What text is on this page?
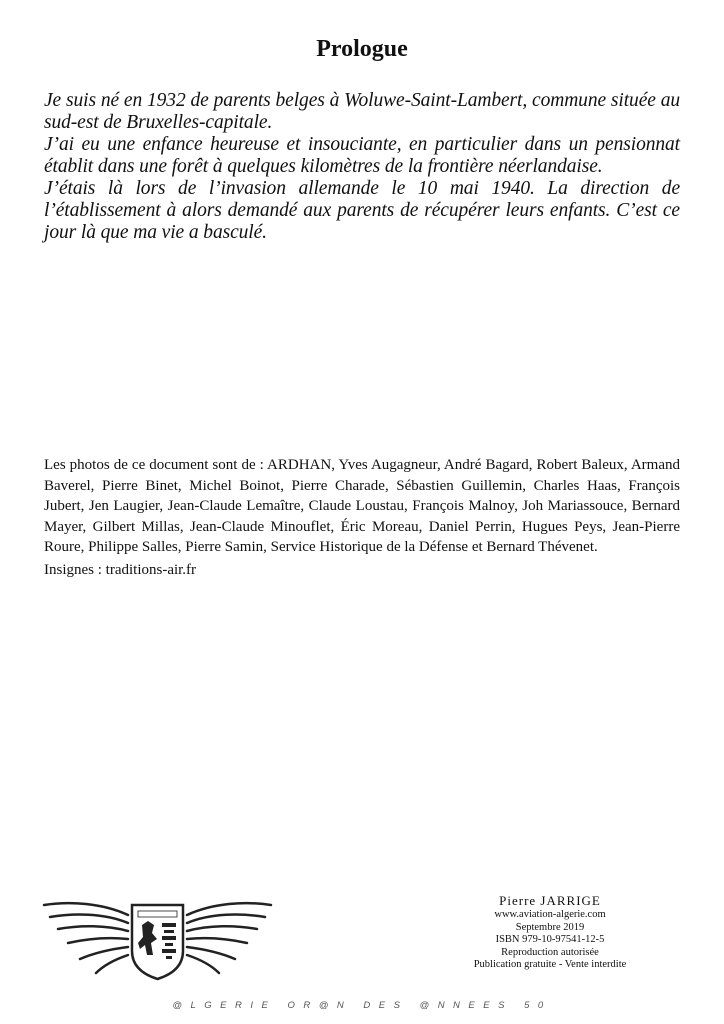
Prologue

Je suis né en 1932 de parents belges à Woluwe-Saint-Lambert, commune située au sud-est de Bruxelles-capitale.

J’ai eu une enfance heureuse et insouciante, en particulier dans un pensionnat établit dans une forêt à quelques kilomètres de la frontière néerlandaise.

J’étais là lors de l’invasion allemande le 10 mai 1940. La direction de l’établissement à alors demandé aux parents de récupérer leurs enfants. C’est ce jour là que ma vie a basculé.

Les photos de ce document sont de : ARDHAN, Yves Augagneur, André Bagard, Robert Baleux, Armand Baverel, Pierre Binet, Michel Boinot, Pierre Charade, Sébastien Guillemin, Charles Haas, François Jubert, Jen Laugier, Jean-Claude Lemaître, Claude Loustau, François Malnoy, Joh Mariassouce, Bernard Mayer, Gilbert Millas, Jean-Claude Minouflet, Éric Moreau, Daniel Perrin, Hugues Peys, Jean-Pierre Roure, Philippe Salles, Pierre Samin, Service Historique de la Défense et Bernard Thévenet.

Insignes : traditions-air.fr

Pierre JARRIGE
www.aviation-algerie.com
Septembre 2019
ISBN 979-10-97541-12-5
Reproduction autorisée
Publication gratuite - Vente interdite
@LGERIE OR@N DES @NNEES 50
